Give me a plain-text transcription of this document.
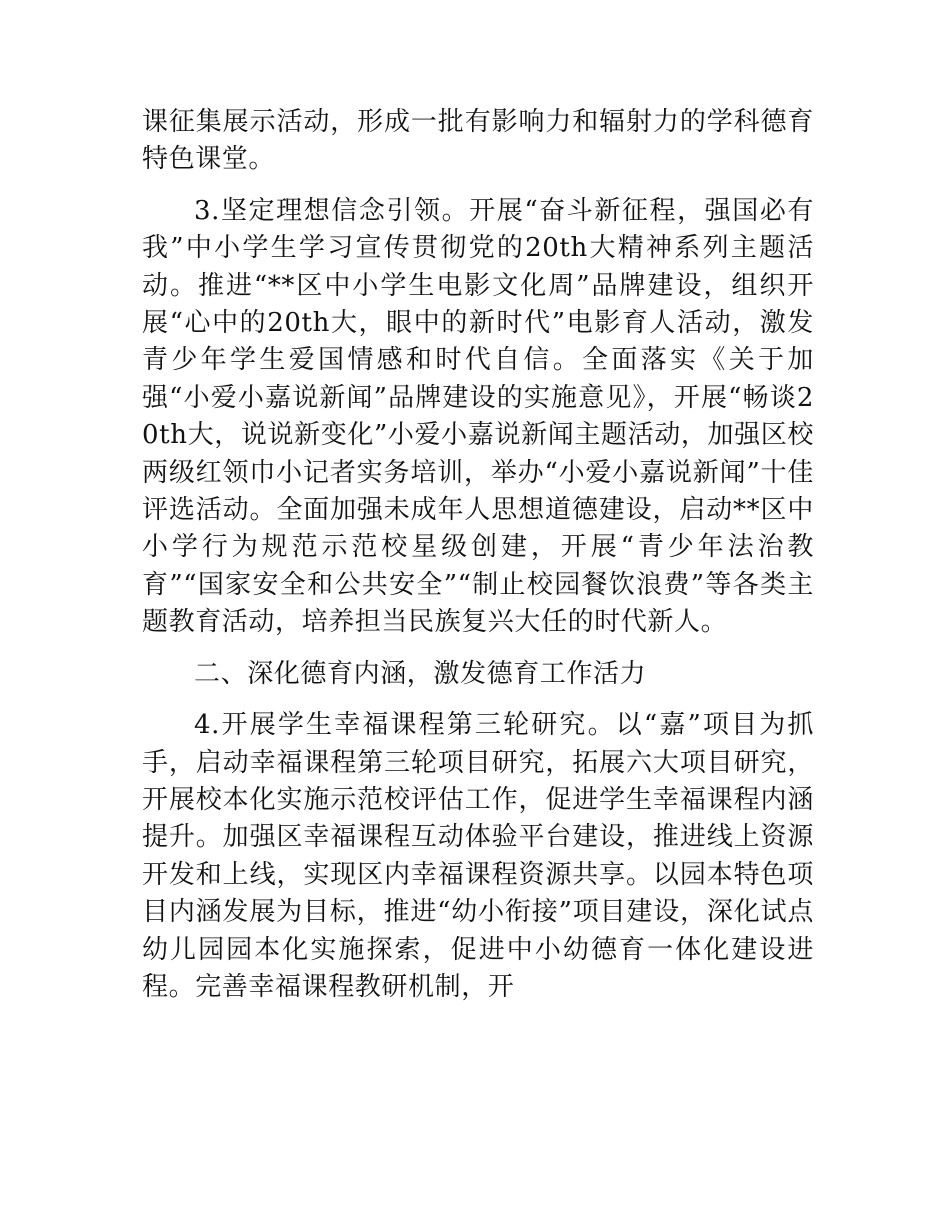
课征集展示活动，形成一批有影响力和辐射力的学科德育特色课堂。

3.坚定理想信念引领。开展“奋斗新征程，强国必有我”中小学生学习宣传贯彻党的20th大精神系列主题活动。推进“**区中小学生电影文化周”品牌建设，组织开展“心中的20th大，眼中的新时代”电影育人活动，激发青少年学生爱国情感和时代自信。全面落实《关于加强“小爱小嘉说新闻”品牌建设的实施意见》，开展“畅谈20th大，说说新变化”小爱小嘉说新闻主题活动，加强区校两级红领巾小记者实务培训，举办“小爱小嘉说新闻”十佳评选活动。全面加强未成年人思想道德建设，启动**区中小学行为规范示范校星级创建，开展“青少年法治教育”“国家安全和公共安全”“制止校园餐饮浪费”等各类主题教育活动，培养担当民族复兴大任的时代新人。

二、深化德育内涵，激发德育工作活力

4.开展学生幸福课程第三轮研究。以“嘉”项目为抓手，启动幸福课程第三轮项目研究，拓展六大项目研究，开展校本化实施示范校评估工作，促进学生幸福课程内涵提升。加强区幸福课程互动体验平台建设，推进线上资源开发和上线，实现区内幸福课程资源共享。以园本特色项目内涵发展为目标，推进“幼小衔接”项目建设，深化试点幼儿园园本化实施探索，促进中小幼德育一体化建设进程。完善幸福课程教研机制，开
